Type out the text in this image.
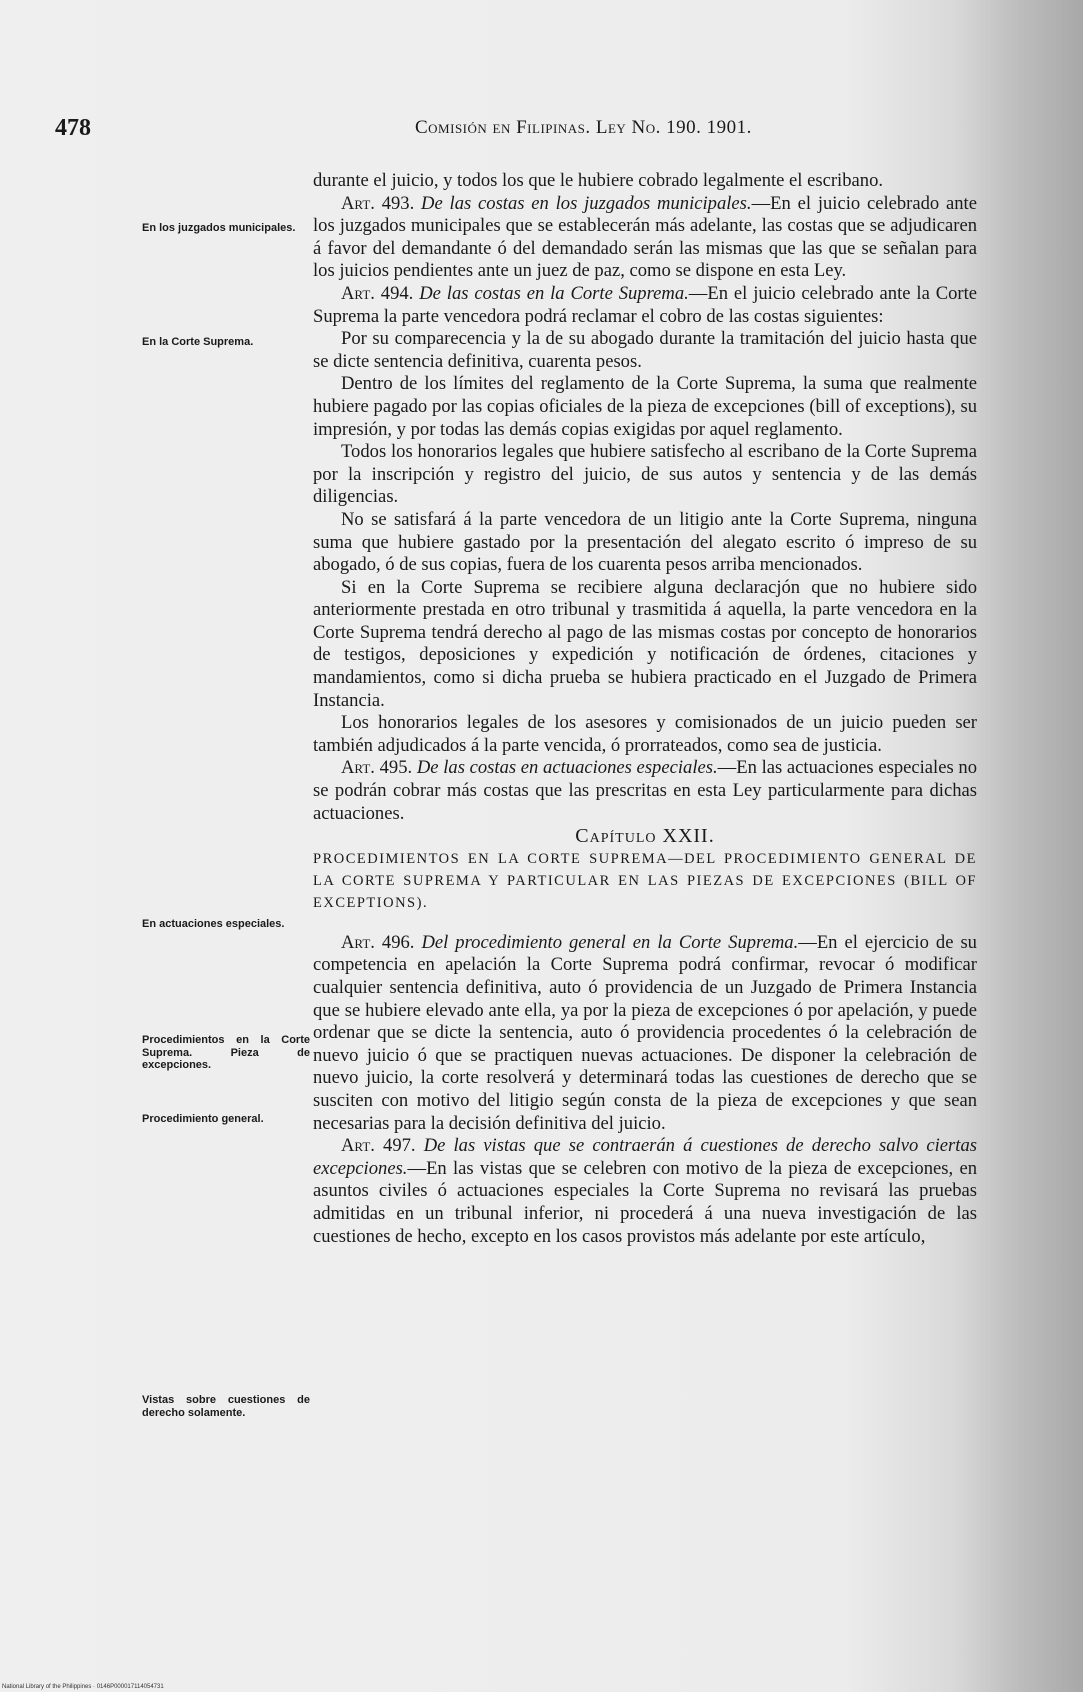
478	Comisión en Filipinas. Ley No. 190. 1901.
En los juzgados municipales.
En la Corte Suprema.
En actuaciones especiales.
Procedimientos en la Corte Suprema. Pieza de excepciones.
Procedimiento general.
Vistas sobre cuestiones de derecho solamente.

durante el juicio, y todos los que le hubiere cobrado legalmente el escribano.

Art. 493. De las costas en los juzgados municipales.—En el juicio celebrado ante los juzgados municipales que se establecerán más adelante, las costas que se adjudicaren á favor del demandante ó del demandado serán las mismas que las que se señalan para los juicios pendientes ante un juez de paz, como se dispone en esta Ley.

Art. 494. De las costas en la Corte Suprema.—En el juicio celebrado ante la Corte Suprema la parte vencedora podrá reclamar el cobro de las costas siguientes:

Por su comparecencia y la de su abogado durante la tramitación del juicio hasta que se dicte sentencia definitiva, cuarenta pesos.

Dentro de los límites del reglamento de la Corte Suprema, la suma que realmente hubiere pagado por las copias oficiales de la pieza de excepciones (bill of exceptions), su impresión, y por todas las demás copias exigidas por aquel reglamento.

Todos los honorarios legales que hubiere satisfecho al escribano de la Corte Suprema por la inscripción y registro del juicio, de sus autos y sentencia y de las demás diligencias.

No se satisfará á la parte vencedora de un litigio ante la Corte Suprema, ninguna suma que hubiere gastado por la presentación del alegato escrito ó impreso de su abogado, ó de sus copias, fuera de los cuarenta pesos arriba mencionados.

Si en la Corte Suprema se recibiere alguna declaracjón que no hubiere sido anteriormente prestada en otro tribunal y trasmitida á aquella, la parte vencedora en la Corte Suprema tendrá derecho al pago de las mismas costas por concepto de honorarios de testigos, deposiciones y expedición y notificación de órdenes, citaciones y mandamientos, como si dicha prueba se hubiera practicado en el Juzgado de Primera Instancia.

Los honorarios legales de los asesores y comisionados de un juicio pueden ser también adjudicados á la parte vencida, ó prorrateados, como sea de justicia.

Art. 495. De las costas en actuaciones especiales.—En las actuaciones especiales no se podrán cobrar más costas que las prescritas en esta Ley particularmente para dichas actuaciones.

Capítulo XXII.

PROCEDIMIENTOS EN LA CORTE SUPREMA—DEL PROCEDIMIENTO GENERAL DE LA CORTE SUPREMA Y PARTICULAR EN LAS PIEZAS DE EXCEPCIONES (BILL OF EXCEPTIONS).

Art. 496. Del procedimiento general en la Corte Suprema.—En el ejercicio de su competencia en apelación la Corte Suprema podrá confirmar, revocar ó modificar cualquier sentencia definitiva, auto ó providencia de un Juzgado de Primera Instancia que se hubiere elevado ante ella, ya por la pieza de excepciones ó por apelación, y puede ordenar que se dicte la sentencia, auto ó providencia procedentes ó la celebración de nuevo juicio ó que se practiquen nuevas actuaciones. De disponer la celebración de nuevo juicio, la corte resolverá y determinará todas las cuestiones de derecho que se susciten con motivo del litigio según consta de la pieza de excepciones y que sean necesarias para la decisión definitiva del juicio.

Art. 497. De las vistas que se contraerán á cuestiones de derecho salvo ciertas excepciones.—En las vistas que se celebren con motivo de la pieza de excepciones, en asuntos civiles ó actuaciones especiales la Corte Suprema no revisará las pruebas admitidas en un tribunal inferior, ni procederá á una nueva investigación de las cuestiones de hecho, excepto en los casos provistos más adelante por este artículo,

National Library of the Philippines · 0146P000017114054731
